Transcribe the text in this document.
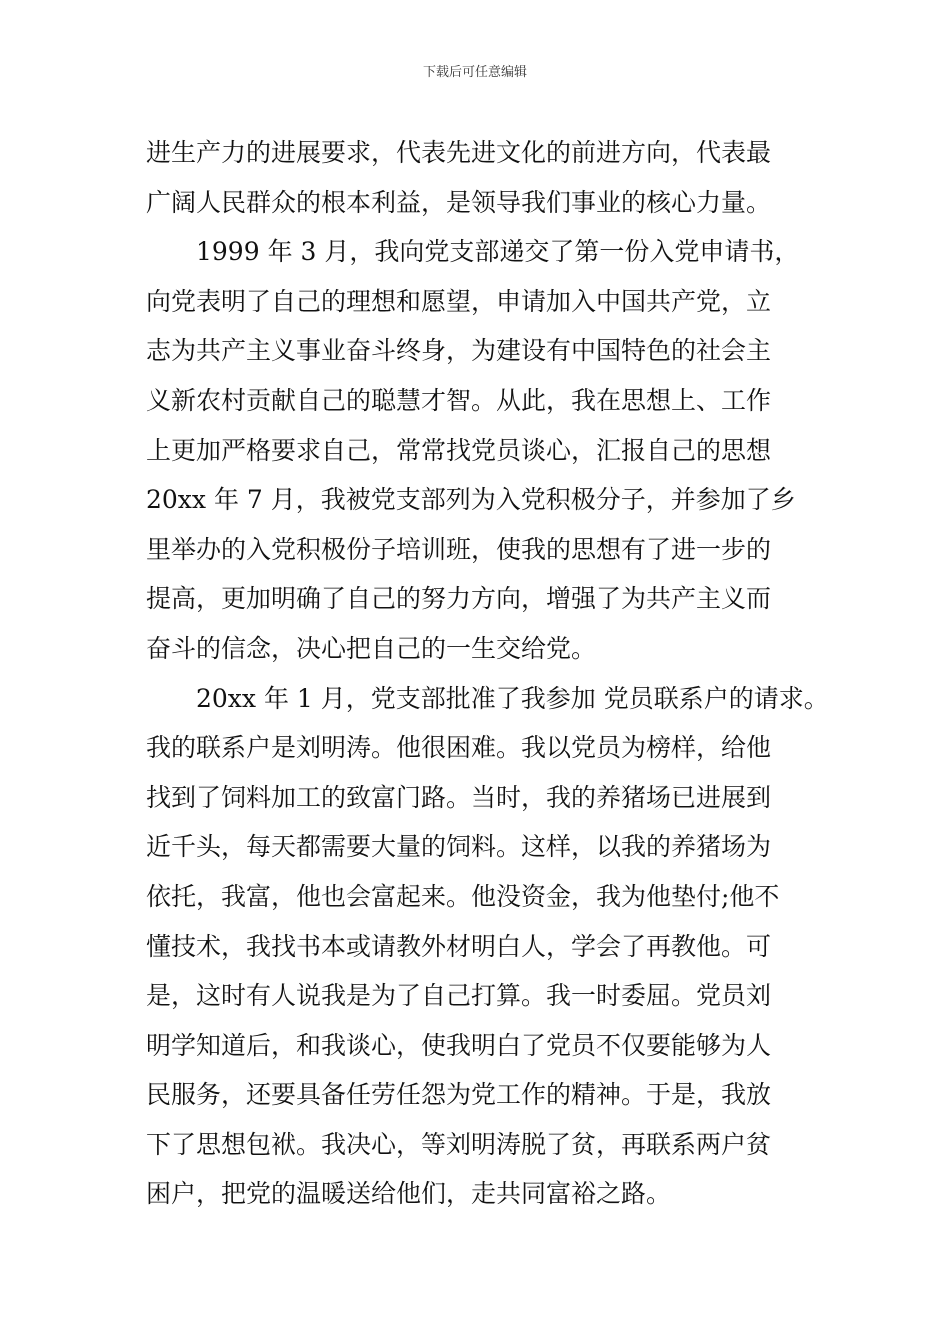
下载后可任意编辑
进生产力的进展要求，代表先进文化的前进方向，代表最
广阔人民群众的根本利益，是领导我们事业的核心力量。
1999 年 3 月，我向党支部递交了第一份入党申请书，
向党表明了自己的理想和愿望，申请加入中国共产党，立
志为共产主义事业奋斗终身，为建设有中国特色的社会主
义新农村贡献自己的聪慧才智。从此，我在思想上、工作
上更加严格要求自己，常常找党员谈心，汇报自己的思想
20xx 年 7 月，我被党支部列为入党积极分子，并参加了乡
里举办的入党积极份子培训班，使我的思想有了进一步的
提高，更加明确了自己的努力方向，增强了为共产主义而
奋斗的信念，决心把自己的一生交给党。
20xx 年 1 月，党支部批准了我参加 党员联系户的请求。
我的联系户是刘明涛。他很困难。我以党员为榜样，给他
找到了饲料加工的致富门路。当时，我的养猪场已进展到
近千头，每天都需要大量的饲料。这样，以我的养猪场为
依托，我富，他也会富起来。他没资金，我为他垫付;他不
懂技术，我找书本或请教外材明白人，学会了再教他。可
是，这时有人说我是为了自己打算。我一时委屈。党员刘
明学知道后，和我谈心，使我明白了党员不仅要能够为人
民服务，还要具备任劳任怨为党工作的精神。于是，我放
下了思想包袱。我决心，等刘明涛脱了贫，再联系两户贫
困户，把党的温暖送给他们，走共同富裕之路。
